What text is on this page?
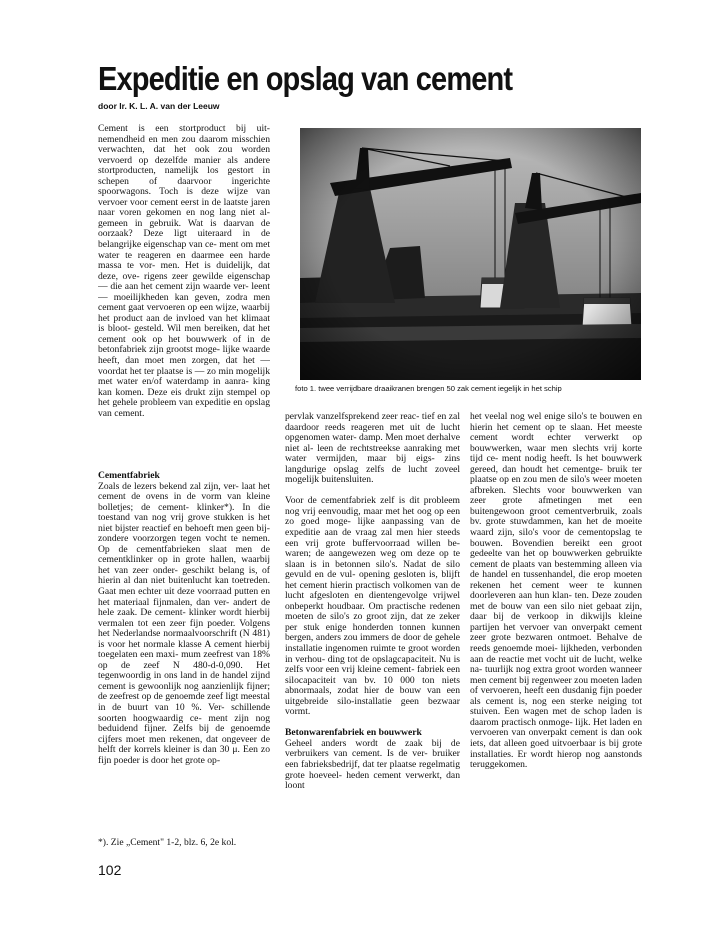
Expeditie en opslag van cement

door Ir. K. L. A. van der Leeuw

Cement is een stortproduct bij uit- nemendheid en men zou daarom misschien verwachten, dat het ook zou worden vervoerd op dezelfde manier als andere stortproducten, namelijk los gestort in schepen of daarvoor ingerichte spoorwagons. Toch is deze wijze van vervoer voor cement eerst in de laatste jaren naar voren gekomen en nog lang niet al- gemeen in gebruik. Wat is daarvan de oorzaak? Deze ligt uiteraard in de belangrijke eigenschap van ce- ment om met water te reageren en daarmee een harde massa te vor- men. Het is duidelijk, dat deze, ove- rigens zeer gewilde eigenschap — die aan het cement zijn waarde ver- leent — moeilijkheden kan geven, zodra men cement gaat vervoeren op een wijze, waarbij het product aan de invloed van het klimaat is bloot- gesteld. Wil men bereiken, dat het cement ook op het bouwwerk of in de betonfabriek zijn grootst moge- lijke waarde heeft, dan moet men zorgen, dat het — voordat het ter plaatse is — zo min mogelijk met water en/of waterdamp in aanra- king kan komen. Deze eis drukt zijn stempel op het gehele probleem van expeditie en opslag van cement.

Cementfabriek

Zoals de lezers bekend zal zijn, ver- laat het cement de ovens in de vorm van kleine bolletjes; de cement- klinker*). In die toestand van nog vrij grove stukken is het niet bijster reactief en behoeft men geen bij- zondere voorzorgen tegen vocht te nemen. Op de cementfabrieken slaat men de cementklinker op in grote hallen, waarbij het van zeer onder- geschikt belang is, of hierin al dan niet buitenlucht kan toetreden. Gaat men echter uit deze voorraad putten en het materiaal fijnmalen, dan ver- andert de hele zaak. De cement- klinker wordt hierbij vermalen tot een zeer fijn poeder. Volgens het Nederlandse normaalvoorschrift (N 481) is voor het normale klasse A cement hierbij toegelaten een maxi- mum zeefrest van 18% op de zeef N 480-d-0,090. Het tegenwoordig in ons land in de handel zijnd cement is gewoonlijk nog aanzienlijk fijner; de zeefrest op de genoemde zeef ligt meestal in de buurt van 10 %. Ver- schillende soorten hoogwaardig ce- ment zijn nog beduidend fijner. Zelfs bij de genoemde cijfers moet men rekenen, dat ongeveer de helft der korrels kleiner is dan 30 μ. Een zo fijn poeder is door het grote op-

*). Zie „Cement" 1-2, blz. 6, 2e kol.

foto 1. twee verrijdbare draaikranen brengen 50 zak cement iegelijk in het schip

pervlak vanzelfsprekend zeer reac- tief en zal daardoor reeds reageren met uit de lucht opgenomen water- damp. Men moet derhalve niet al- leen de rechtstreekse aanraking met water vermijden, maar bij eigs- zins langdurige opslag zelfs de lucht zoveel mogelijk buitensluiten.

Voor de cementfabriek zelf is dit probleem nog vrij eenvoudig, maar met het oog op een zo goed moge- lijke aanpassing van de expeditie aan de vraag zal men hier steeds een vrij grote buffervoorraad willen be- waren; de aangewezen weg om deze op te slaan is in betonnen silo's. Nadat de silo gevuld en de vul- opening gesloten is, blijft het cement hierin practisch volkomen van de lucht afgesloten en dientengevolge vrijwel onbeperkt houdbaar. Om practische redenen moeten de silo's zo groot zijn, dat ze zeker per stuk enige honderden tonnen kunnen bergen, anders zou immers de door de gehele installatie ingenomen ruimte te groot worden in verhou- ding tot de opslagcapaciteit. Nu is zelfs voor een vrij kleine cement- fabriek een silocapaciteit van bv. 10 000 ton niets abnormaals, zodat hier de bouw van een uitgebreide silo-installatie geen bezwaar vormt.

Betonwarenfabriek en bouwwerk

Geheel anders wordt de zaak bij de verbruikers van cement. Is de ver- bruiker een fabrieksbedrijf, dat ter plaatse regelmatig grote hoeveel- heden cement verwerkt, dan loont

het veelal nog wel enige silo's te bouwen en hierin het cement op te slaan. Het meeste cement wordt echter verwerkt op bouwwerken, waar men slechts vrij korte tijd ce- ment nodig heeft. Is het bouwwerk gereed, dan houdt het cementge- bruik ter plaatse op en zou men de silo's weer moeten afbreken. Slechts voor bouwwerken van zeer grote afmetingen met een buitengewoon groot cementverbruik, zoals bv. grote stuwdammen, kan het de moeite waard zijn, silo's voor de cementopslag te bouwen. Bovendien bereikt een groot gedeelte van het op bouwwerken gebruikte cement de plaats van bestemming alleen via de handel en tussenhandel, die erop moeten rekenen het cement weer te kunnen doorleveren aan hun klan- ten. Deze zouden met de bouw van een silo niet gebaat zijn, daar bij de verkoop in dikwijls kleine partijen het vervoer van onverpakt cement zeer grote bezwaren ontmoet. Behalve de reeds genoemde moei- lijkheden, verbonden aan de reactie met vocht uit de lucht, welke na- tuurlijk nog extra groot worden wanneer men cement bij regenweer zou moeten laden of vervoeren, heeft een dusdanig fijn poeder als cement is, nog een sterke neiging tot stuiven. Een wagen met de schop laden is daarom practisch onmoge- lijk. Het laden en vervoeren van onverpakt cement is dan ook iets, dat alleen goed uitvoerbaar is bij grote installaties. Er wordt hierop nog aanstonds teruggekomen.

102
